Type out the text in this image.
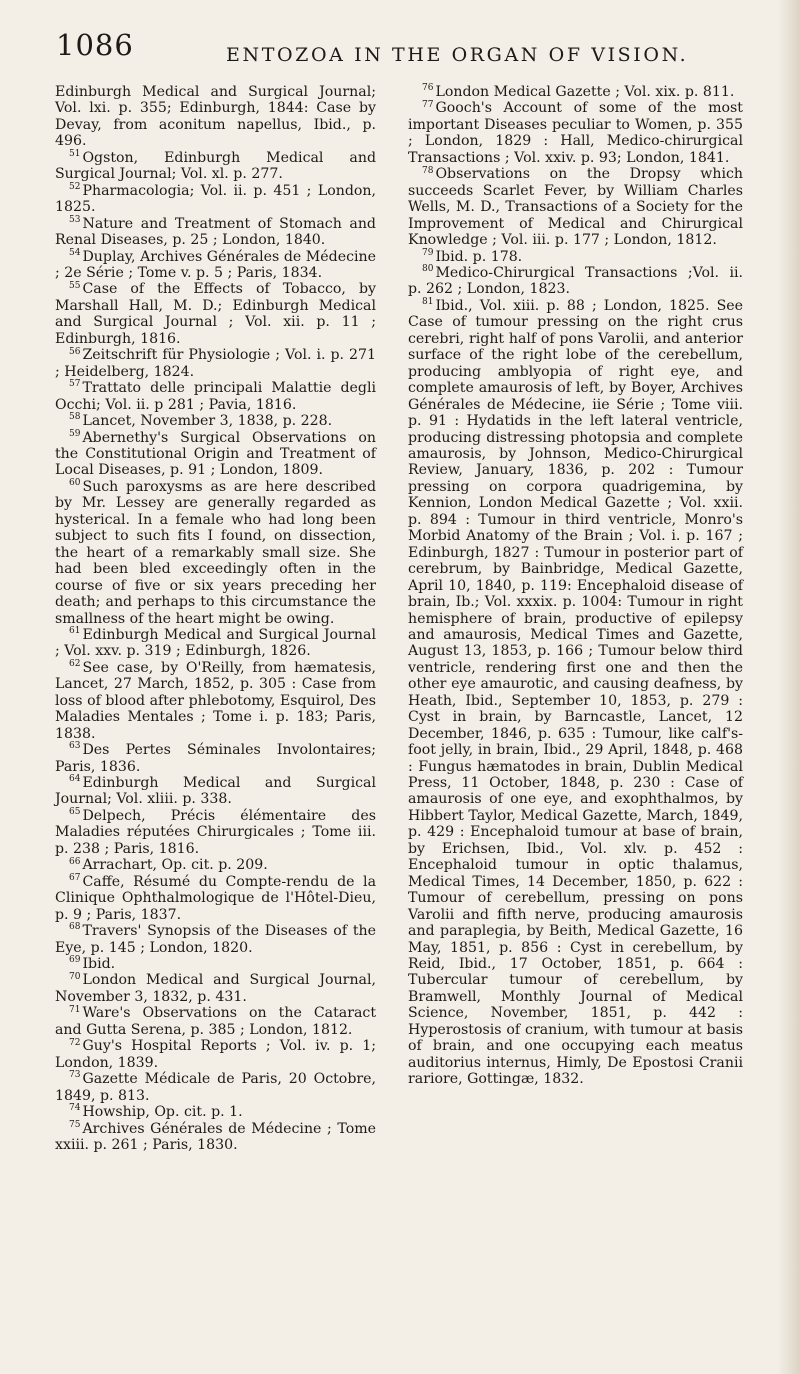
1086	ENTOZOA IN THE ORGAN OF VISION.

Edinburgh Medical and Surgical Journal; Vol. lxi. p. 355; Edinburgh, 1844: Case by Devay, from aconitum napellus, Ibid., p. 496.

$^{51}$ Ogston, Edinburgh Medical and Surgical Journal; Vol. xl. p. 277.

$^{52}$ Pharmacologia; Vol. ii. p. 451 ; London, 1825.

$^{53}$ Nature and Treatment of Stomach and Renal Diseases, p. 25 ; London, 1840.

$^{54}$ Duplay, Archives Générales de Médecine ; 2e Série ; Tome v. p. 5 ; Paris, 1834.

$^{55}$ Case of the Effects of Tobacco, by Marshall Hall, M. D.; Edinburgh Medical and Surgical Journal ; Vol. xii. p. 11 ; Edinburgh, 1816.

$^{56}$ Zeitschrift für Physiologie ; Vol. i. p. 271 ; Heidelberg, 1824.

$^{57}$ Trattato delle principali Malattie degli Occhi; Vol. ii. p 281 ; Pavia, 1816.

$^{58}$ Lancet, November 3, 1838, p. 228.

$^{59}$ Abernethy's Surgical Observations on the Constitutional Origin and Treatment of Local Diseases, p. 91 ; London, 1809.

$^{60}$ Such paroxysms as are here described by Mr. Lessey are generally regarded as hysterical. In a female who had long been subject to such fits I found, on dissection, the heart of a remarkably small size. She had been bled exceedingly often in the course of five or six years preceding her death; and perhaps to this circumstance the smallness of the heart might be owing.

$^{61}$ Edinburgh Medical and Surgical Journal ; Vol. xxv. p. 319 ; Edinburgh, 1826.

$^{62}$ See case, by O'Reilly, from hæmatesis, Lancet, 27 March, 1852, p. 305 : Case from loss of blood after phlebotomy, Esquirol, Des Maladies Mentales ; Tome i. p. 183; Paris, 1838.

$^{63}$ Des Pertes Séminales Involontaires; Paris, 1836.

$^{64}$ Edinburgh Medical and Surgical Journal; Vol. xliii. p. 338.

$^{65}$ Delpech, Précis élémentaire des Maladies réputées Chirurgicales ; Tome iii. p. 238 ; Paris, 1816.

$^{66}$ Arrachart, Op. cit. p. 209.

$^{67}$ Caffe, Résumé du Compte-rendu de la Clinique Ophthalmologique de l'Hôtel-Dieu, p. 9 ; Paris, 1837.

$^{68}$ Travers' Synopsis of the Diseases of the Eye, p. 145 ; London, 1820.

$^{69}$ Ibid.

$^{70}$ London Medical and Surgical Journal, November 3, 1832, p. 431.

$^{71}$ Ware's Observations on the Cataract and Gutta Serena, p. 385 ; London, 1812.

$^{72}$ Guy's Hospital Reports ; Vol. iv. p. 1; London, 1839.

$^{73}$ Gazette Médicale de Paris, 20 Octobre, 1849, p. 813.

$^{74}$ Howship, Op. cit. p. 1.

$^{75}$ Archives Générales de Médecine ; Tome xxiii. p. 261 ; Paris, 1830.

$^{76}$ London Medical Gazette ; Vol. xix. p. 811.

$^{77}$ Gooch's Account of some of the most important Diseases peculiar to Women, p. 355 ; London, 1829 : Hall, Medico-chirurgical Transactions ; Vol. xxiv. p. 93; London, 1841.

$^{78}$ Observations on the Dropsy which succeeds Scarlet Fever, by William Charles Wells, M. D., Transactions of a Society for the Improvement of Medical and Chirurgical Knowledge ; Vol. iii. p. 177 ; London, 1812.

$^{79}$ Ibid. p. 178.

$^{80}$ Medico-Chirurgical Transactions ;Vol. ii. p. 262 ; London, 1823.

$^{81}$ Ibid., Vol. xiii. p. 88 ; London, 1825. See Case of tumour pressing on the right crus cerebri, right half of pons Varolii, and anterior surface of the right lobe of the cerebellum, producing amblyopia of right eye, and complete amaurosis of left, by Boyer, Archives Générales de Médecine, iie Série ; Tome viii. p. 91 : Hydatids in the left lateral ventricle, producing distressing photopsia and complete amaurosis, by Johnson, Medico-Chirurgical Review, January, 1836, p. 202 : Tumour pressing on corpora quadrigemina, by Kennion, London Medical Gazette ; Vol. xxii. p. 894 : Tumour in third ventricle, Monro's Morbid Anatomy of the Brain ; Vol. i. p. 167 ; Edinburgh, 1827 : Tumour in posterior part of cerebrum, by Bainbridge, Medical Gazette, April 10, 1840, p. 119: Encephaloid disease of brain, Ib.; Vol. xxxix. p. 1004: Tumour in right hemisphere of brain, productive of epilepsy and amaurosis, Medical Times and Gazette, August 13, 1853, p. 166 ; Tumour below third ventricle, rendering first one and then the other eye amaurotic, and causing deafness, by Heath, Ibid., September 10, 1853, p. 279 : Cyst in brain, by Barncastle, Lancet, 12 December, 1846, p. 635 : Tumour, like calf's-foot jelly, in brain, Ibid., 29 April, 1848, p. 468 : Fungus hæmatodes in brain, Dublin Medical Press, 11 October, 1848, p. 230 : Case of amaurosis of one eye, and exophthalmos, by Hibbert Taylor, Medical Gazette, March, 1849, p. 429 : Encephaloid tumour at base of brain, by Erichsen, Ibid., Vol. xlv. p. 452 : Encephaloid tumour in optic thalamus, Medical Times, 14 December, 1850, p. 622 : Tumour of cerebellum, pressing on pons Varolii and fifth nerve, producing amaurosis and paraplegia, by Beith, Medical Gazette, 16 May, 1851, p. 856 : Cyst in cerebellum, by Reid, Ibid., 17 October, 1851, p. 664 : Tubercular tumour of cerebellum, by Bramwell, Monthly Journal of Medical Science, November, 1851, p. 442 : Hyperostosis of cranium, with tumour at basis of brain, and one occupying each meatus auditorius internus, Himly, De Epostosi Cranii rariore, Gottingæ, 1832.
